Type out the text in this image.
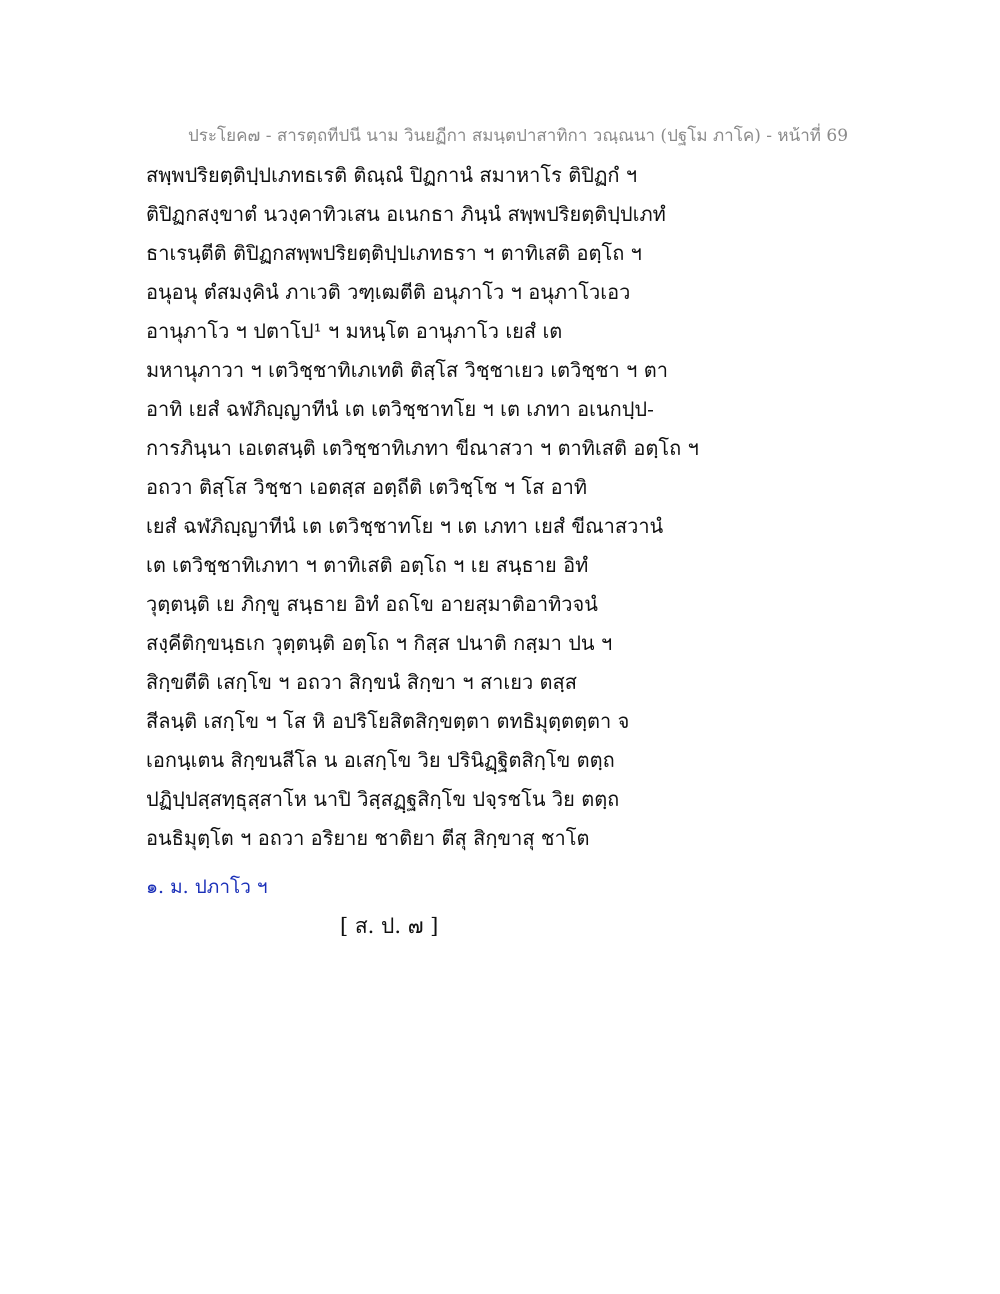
ประโยค๗ - สารตฺถทีปนี นาม วินยฏีกา สมนฺตปาสาทิกา วณฺณนา (ปฐโม ภาโค) - หน้าที่ 69
สพฺพปริยตฺติปฺปเภทธเรติ ติณฺณํ ปิฏกานํ สมาหาโร ติปิฏกํ ฯ
ติปิฏกสงฺขาตํ นวงฺคาทิวเสน อเนกธา ภินฺนํ สพฺพปริยตฺติปฺปเภทํ
ธาเรนฺตีติ ติปิฏกสพฺพปริยตฺติปฺปเภทธรา ฯ ตาทิเสติ อตฺโถ ฯ
อนุอนุ ตํสมงฺคินํ ภาเวติ วฑฺเฒตีติ อนุภาโว ฯ อนุภาโวเอว
อานุภาโว ฯ ปตาโป¹ ฯ มหนฺโต อานุภาโว เยสํ เต
มหานุภาวา ฯ เตวิชฺชาทิเภเทติ ติสฺโส วิชฺชาเยว เตวิชฺชา ฯ ตา
อาทิ เยสํ ฉฬภิญฺญาทีนํ เต เตวิชฺชาทโย ฯ เต เภทา อเนกปฺป-
การภินฺนา เอเตสนฺติ เตวิชฺชาทิเภทา ขีณาสวา ฯ ตาทิเสติ อตฺโถ ฯ
อถวา ติสฺโส วิชฺชา เอตสฺส อตฺถีติ เตวิชฺโช ฯ โส อาทิ
เยสํ ฉฬภิญฺญาทีนํ เต เตวิชฺชาทโย ฯ เต เภทา เยสํ ขีณาสวานํ
เต เตวิชฺชาทิเภทา ฯ ตาทิเสติ อตฺโถ ฯ เย สนฺธาย อิทํ
วุตฺตนฺติ เย ภิกฺขู สนฺธาย อิทํ อถโข อายสฺมาติอาทิวจนํ
สงฺคีติกฺขนฺธเก วุตฺตนฺติ อตฺโถ ฯ กิสฺส ปนาติ กสฺมา ปน ฯ
สิกฺขตีติ เสกฺโข ฯ อถวา สิกฺขนํ สิกฺขา ฯ สาเยว ตสฺส
สีลนฺติ เสกฺโข ฯ โส หิ อปริโยสิตสิกฺขตฺตา ตทธิมุตฺตตฺตา จ
เอกนฺเตน สิกฺขนสีโล น อเสกฺโข วิย ปรินิฏฺฐิตสิกฺโข ตตฺถ
ปฏิปฺปสฺสทฺธุสฺสาโห นาปิ วิสฺสฏฺฐสิกฺโข ปจฺรชโน วิย ตตฺถ
อนธิมุตฺโต ฯ อถวา อริยาย ชาติยา ตีสุ สิกฺขาสุ ชาโต
๑. ม. ปภาโว ฯ
[ ส. ป. ๗ ]
